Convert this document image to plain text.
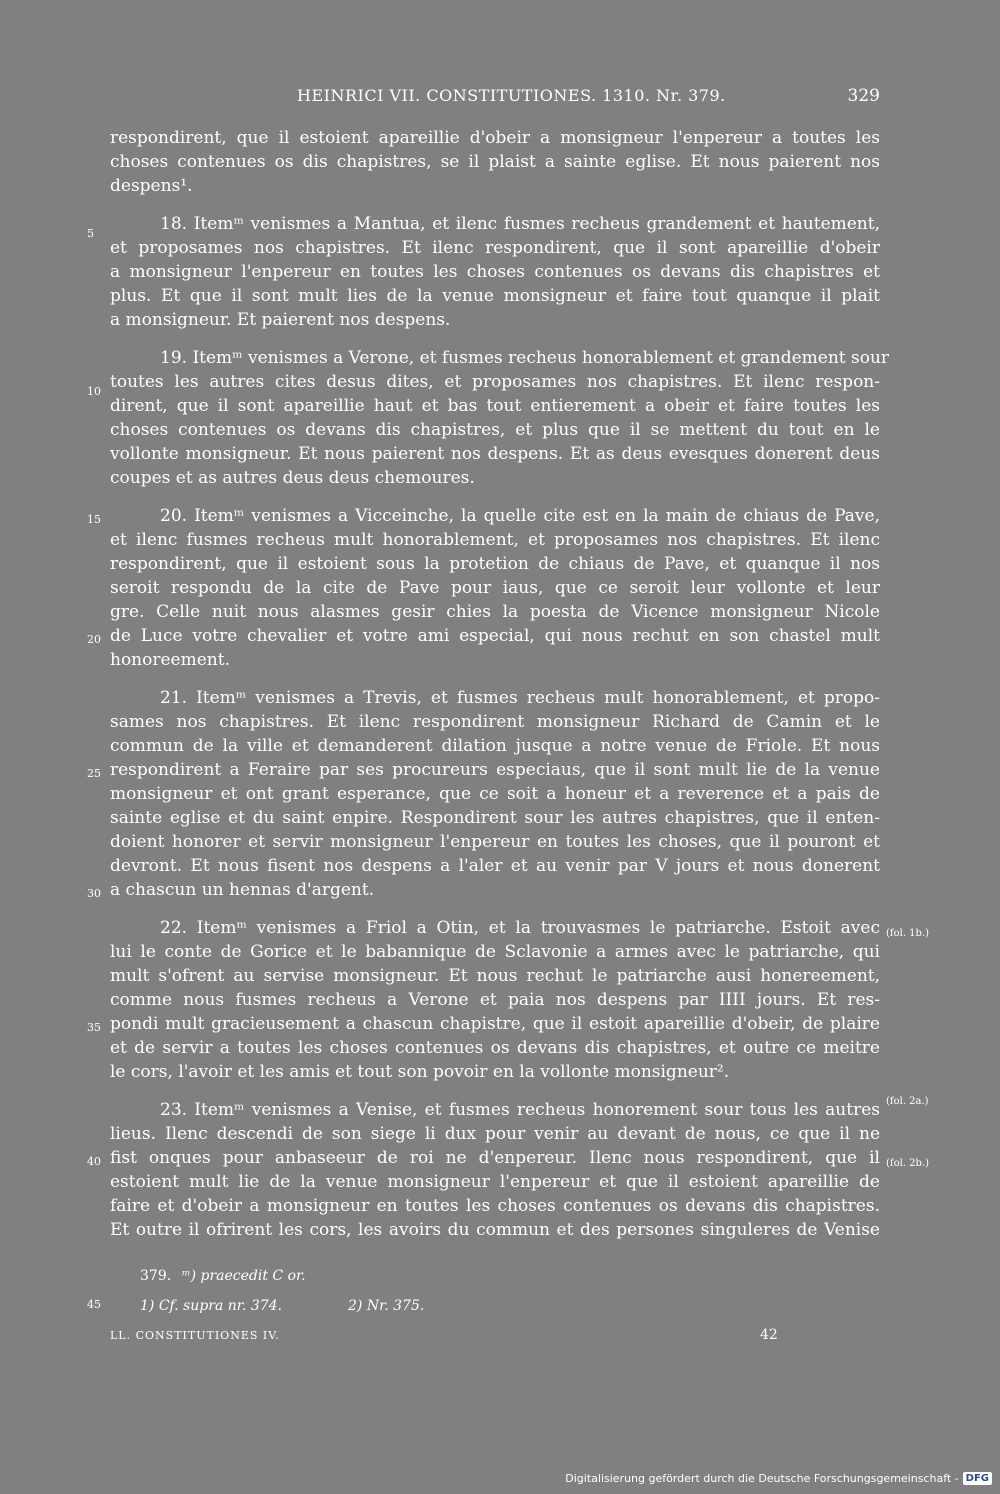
HEINRICI VII. CONSTITUTIONES. 1310. Nr. 379.	329
5
10
15
20
25
30
35
40
(fol. 1b.)
(fol. 2a.)
(fol. 2b.)
respondirent, que il estoient apareillie d'obeir a monsigneur l'enpereur a toutes les
choses contenues os dis chapistres, se il plaist a sainte eglise. Et nous paierent nos
despens¹.
18. Itemᵐ venismes a Mantua, et ilenc fusmes recheus grandement et hautement,
et proposames nos chapistres. Et ilenc respondirent, que il sont apareillie d'obeir
a monsigneur l'enpereur en toutes les choses contenues os devans dis chapistres et
plus. Et que il sont mult lies de la venue monsigneur et faire tout quanque il plait
a monsigneur. Et paierent nos despens.
19. Itemᵐ venismes a Verone, et fusmes recheus honorablement et grandement sour
toutes les autres cites desus dites, et proposames nos chapistres. Et ilenc respon-
dirent, que il sont apareillie haut et bas tout entierement a obeir et faire toutes les
choses contenues os devans dis chapistres, et plus que il se mettent du tout en le
vollonte monsigneur. Et nous paierent nos despens. Et as deus evesques donerent deus
coupes et as autres deus deus chemoures.
20. Itemᵐ venismes a Vicceinche, la quelle cite est en la main de chiaus de Pave,
et ilenc fusmes recheus mult honorablement, et proposames nos chapistres. Et ilenc
respondirent, que il estoient sous la protetion de chiaus de Pave, et quanque il nos
seroit respondu de la cite de Pave pour iaus, que ce seroit leur vollonte et leur
gre. Celle nuit nous alasmes gesir chies la poesta de Vicence monsigneur Nicole
de Luce votre chevalier et votre ami especial, qui nous rechut en son chastel mult
honoreement.
21. Itemᵐ venismes a Trevis, et fusmes recheus mult honorablement, et propo-
sames nos chapistres. Et ilenc respondirent monsigneur Richard de Camin et le
commun de la ville et demanderent dilation jusque a notre venue de Friole. Et nous
respondirent a Feraire par ses procureurs especiaus, que il sont mult lie de la venue
monsigneur et ont grant esperance, que ce soit a honeur et a reverence et a pais de
sainte eglise et du saint enpire. Respondirent sour les autres chapistres, que il enten-
doient honorer et servir monsigneur l'enpereur en toutes les choses, que il pouront et
devront. Et nous fisent nos despens a l'aler et au venir par V jours et nous donerent
a chascun un hennas d'argent.
22. Itemᵐ venismes a Friol a Otin, et la trouvasmes le patriarche. Estoit avec
lui le conte de Gorice et le babannique de Sclavonie a armes avec le patriarche, qui
mult s'ofrent au servise monsigneur. Et nous rechut le patriarche ausi honereement,
comme nous fusmes recheus a Verone et paia nos despens par IIII jours. Et res-
pondi mult gracieusement a chascun chapistre, que il estoit apareillie d'obeir, de plaire
et de servir a toutes les choses contenues os devans dis chapistres, et outre ce meitre
le cors, l'avoir et les amis et tout son povoir en la vollonte monsigneur².
23. Itemᵐ venismes a Venise, et fusmes recheus honorement sour tous les autres
lieus. Ilenc descendi de son siege li dux pour venir au devant de nous, ce que il ne
fist onques pour anbaseeur de roi ne d'enpereur. Ilenc nous respondirent, que il
estoient mult lie de la venue monsigneur l'enpereur et que il estoient apareillie de
faire et d'obeir a monsigneur en toutes les choses contenues os devans dis chapistres.
Et outre il ofrirent les cors, les avoirs du commun et des persones singuleres de Venise
379. ᵐ) praecedit C or.
45	1) Cf. supra nr. 374.	2) Nr. 375.
LL. CONSTITUTIONES IV.	42
Digitalisierung gefördert durch die Deutsche Forschungsgemeinschaft - DFG
